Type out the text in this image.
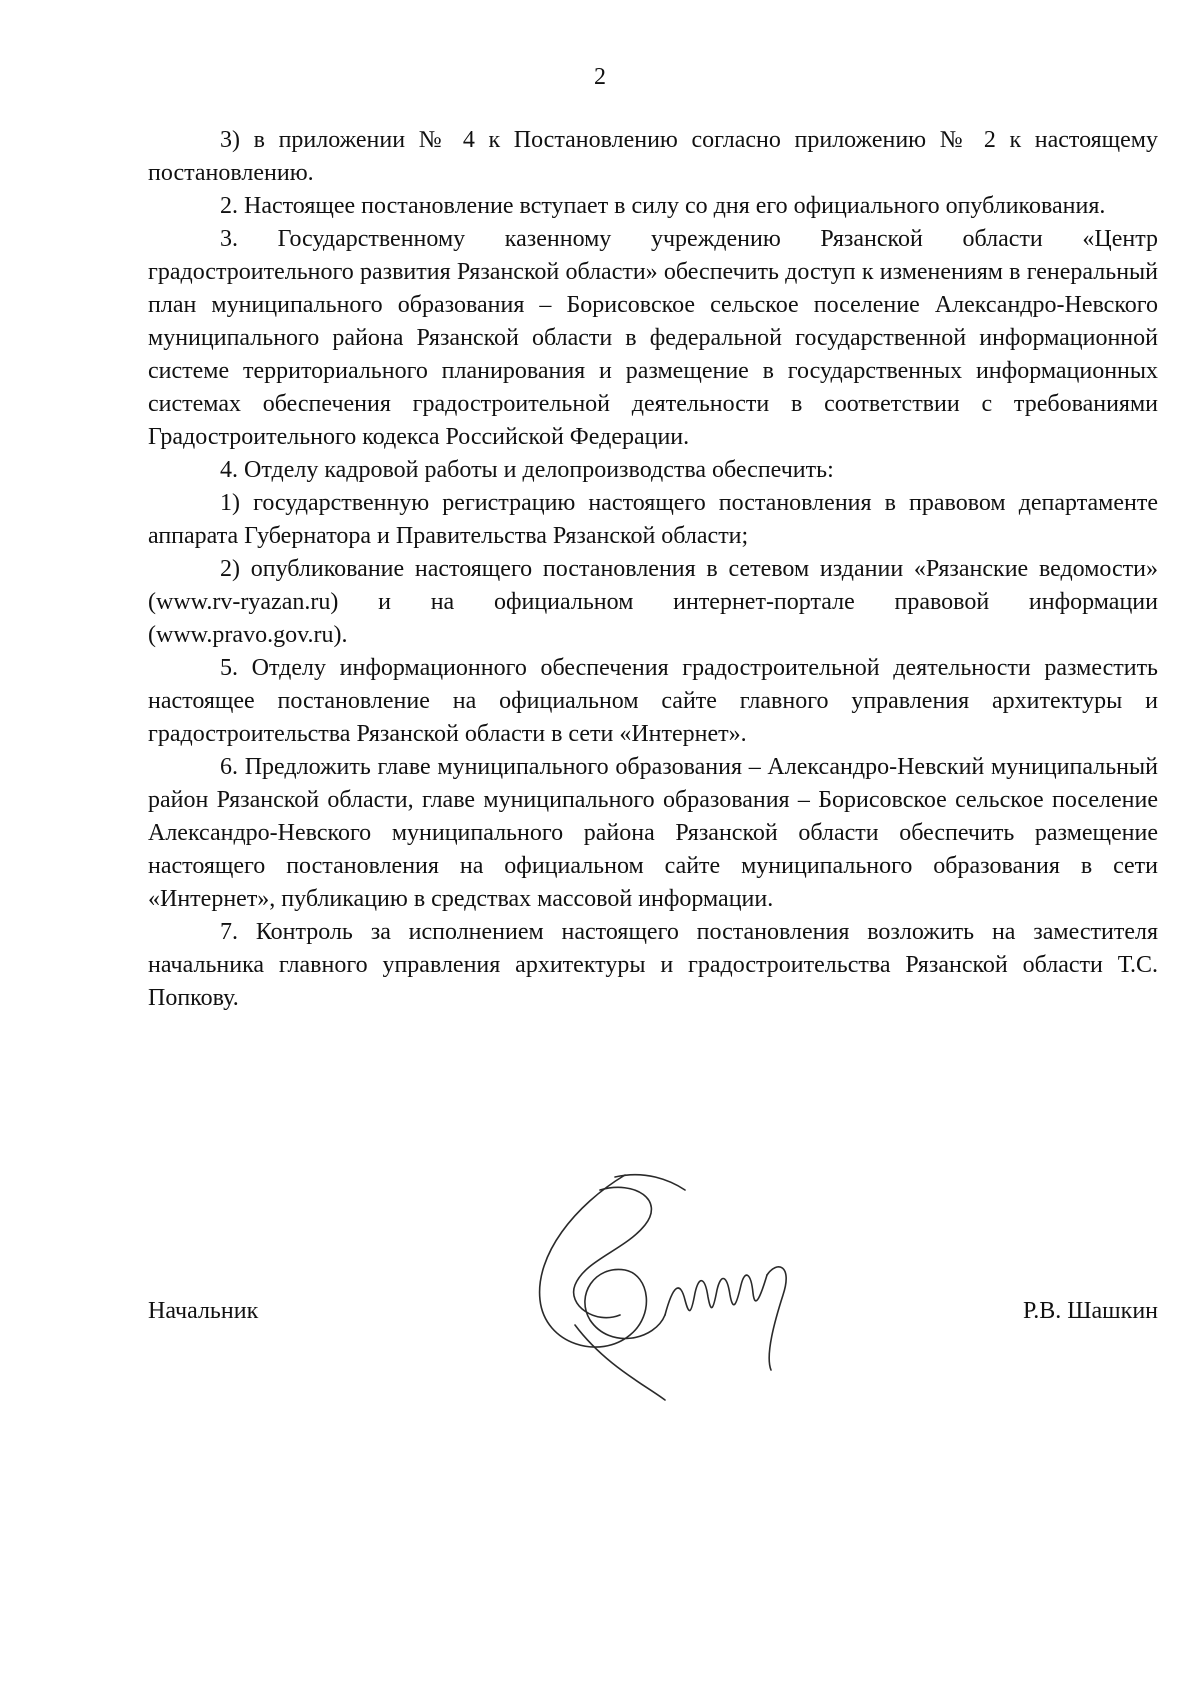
2

3) в приложении № 4 к Постановлению согласно приложению № 2 к настоящему постановлению.

2. Настоящее постановление вступает в силу со дня его официального опубликования.

3. Государственному казенному учреждению Рязанской области «Центр градостроительного развития Рязанской области» обеспечить доступ к изменениям в генеральный план муниципального образования – Борисовское сельское поселение Александро-Невского муниципального района Рязанской области в федеральной государственной информационной системе территориального планирования и размещение в государственных информационных системах обеспечения градостроительной деятельности в соответствии с требованиями Градостроительного кодекса Российской Федерации.

4. Отделу кадровой работы и делопроизводства обеспечить:

1) государственную регистрацию настоящего постановления в правовом департаменте аппарата Губернатора и Правительства Рязанской области;

2) опубликование настоящего постановления в сетевом издании «Рязанские ведомости» (www.rv-ryazan.ru) и на официальном интернет-портале правовой информации (www.pravo.gov.ru).

5. Отделу информационного обеспечения градостроительной деятельности разместить настоящее постановление на официальном сайте главного управления архитектуры и градостроительства Рязанской области в сети «Интернет».

6. Предложить главе муниципального образования – Александро-Невский муниципальный район Рязанской области, главе муниципального образования – Борисовское сельское поселение Александро-Невского муниципального района Рязанской области обеспечить размещение настоящего постановления на официальном сайте муниципального образования в сети «Интернет», публикацию в средствах массовой информации.

7. Контроль за исполнением настоящего постановления возложить на заместителя начальника главного управления архитектуры и градостроительства Рязанской области Т.С. Попкову.

Начальник	Р.В. Шашкин
